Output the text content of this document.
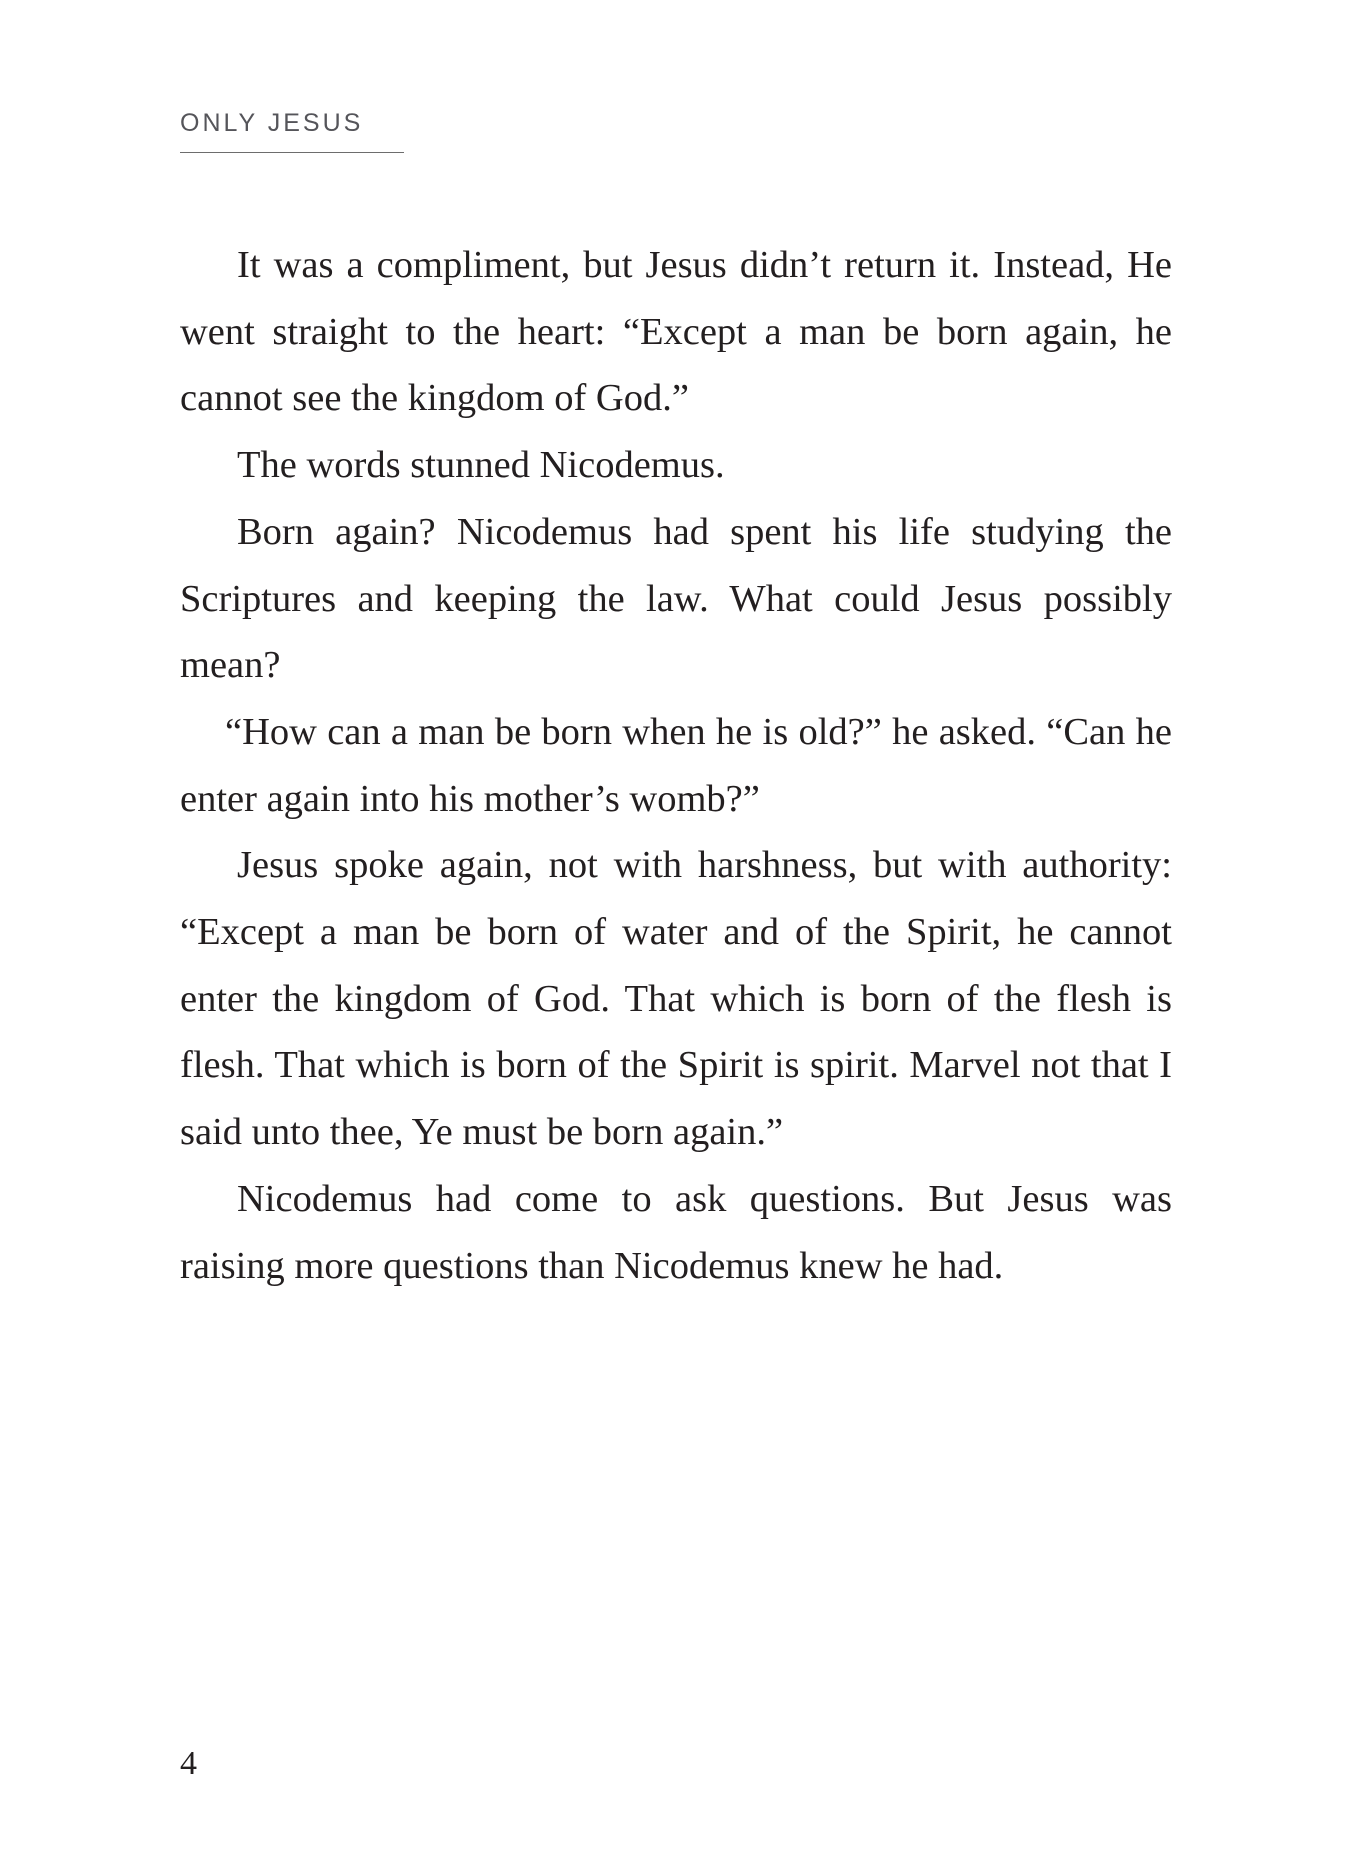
ONLY JESUS

It was a compliment, but Jesus didn’t return it. Instead, He went straight to the heart: “Except a man be born again, he cannot see the kingdom of God.”

The words stunned Nicodemus.

Born again? Nicodemus had spent his life studying the Scriptures and keeping the law. What could Jesus possibly mean?

“How can a man be born when he is old?” he asked. “Can he enter again into his mother’s womb?”

Jesus spoke again, not with harshness, but with authority: “Except a man be born of water and of the Spirit, he cannot enter the kingdom of God. That which is born of the flesh is flesh. That which is born of the Spirit is spirit. Marvel not that I said unto thee, Ye must be born again.”

Nicodemus had come to ask questions. But Jesus was raising more questions than Nicodemus knew he had.

4
